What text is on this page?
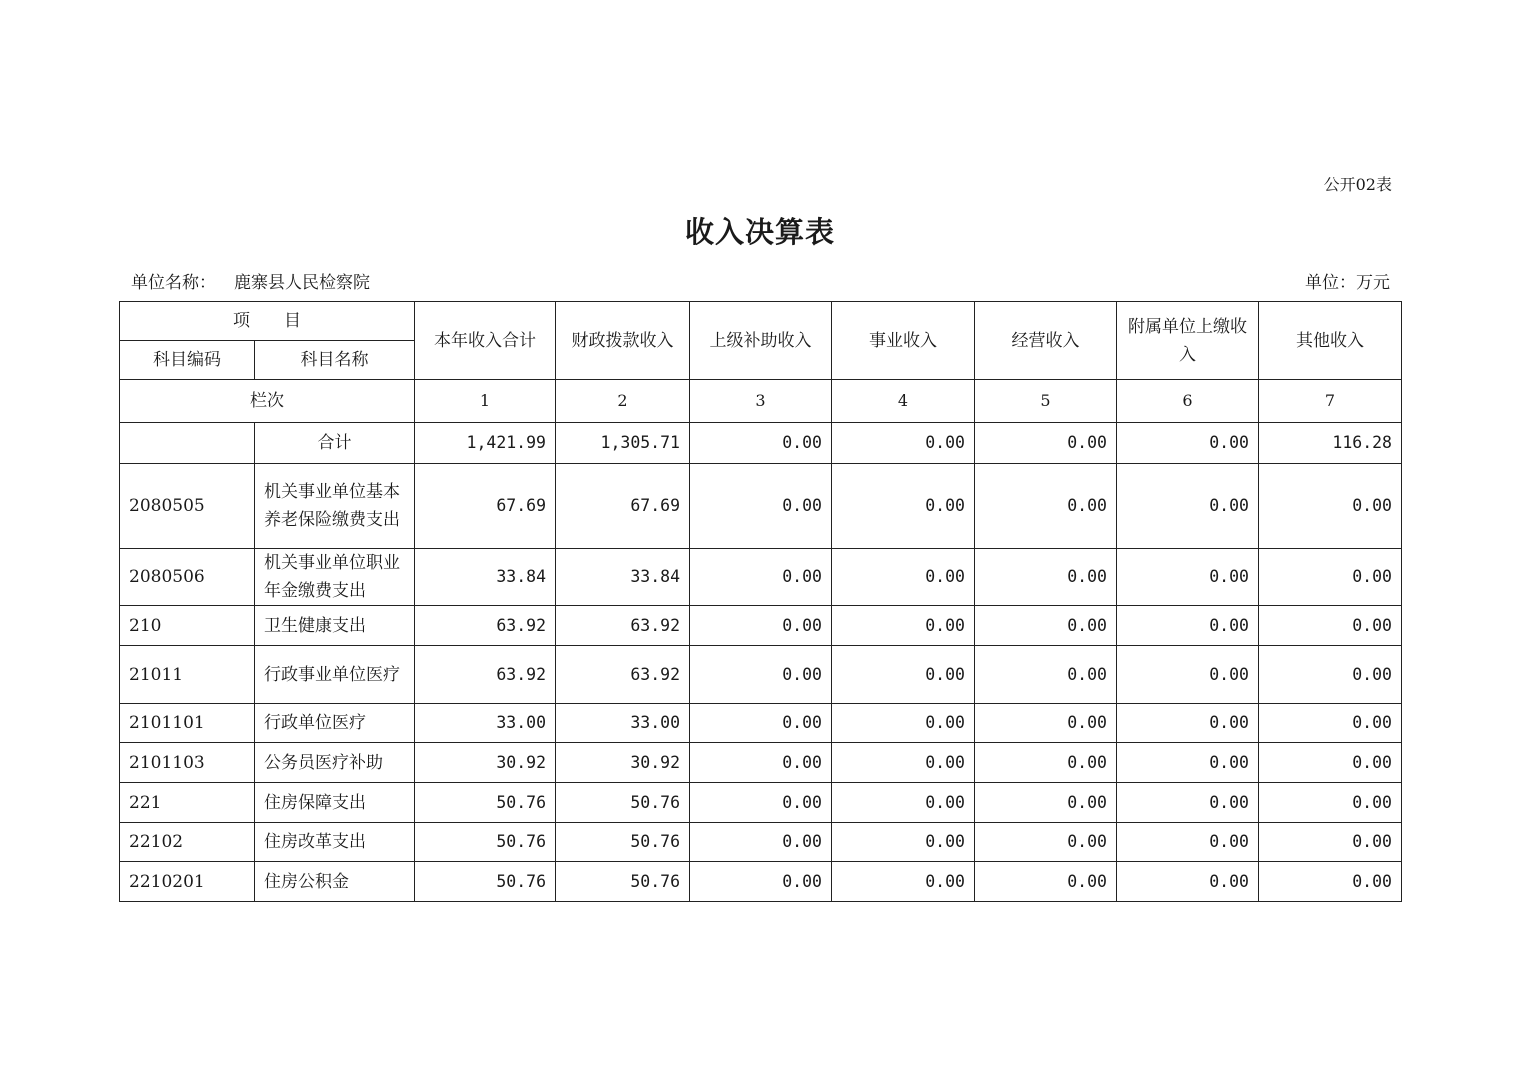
公开02表
收入决算表
单位名称： 鹿寨县人民检察院	单位：万元
项　　目		本年收入合计	财政拨款收入	上级补助收入	事业收入	经营收入	附属单位上缴收入	其他收入
科目编码	科目名称							
栏次		1	2	3	4	5	6	7
	合计	1,421.99	1,305.71	0.00	0.00	0.00	0.00	116.28
2080505	机关事业单位基本养老保险缴费支出	67.69	67.69	0.00	0.00	0.00	0.00	0.00
2080506	机关事业单位职业年金缴费支出	33.84	33.84	0.00	0.00	0.00	0.00	0.00
210	卫生健康支出	63.92	63.92	0.00	0.00	0.00	0.00	0.00
21011	行政事业单位医疗	63.92	63.92	0.00	0.00	0.00	0.00	0.00
2101101	行政单位医疗	33.00	33.00	0.00	0.00	0.00	0.00	0.00
2101103	公务员医疗补助	30.92	30.92	0.00	0.00	0.00	0.00	0.00
221	住房保障支出	50.76	50.76	0.00	0.00	0.00	0.00	0.00
22102	住房改革支出	50.76	50.76	0.00	0.00	0.00	0.00	0.00
2210201	住房公积金	50.76	50.76	0.00	0.00	0.00	0.00	0.00
